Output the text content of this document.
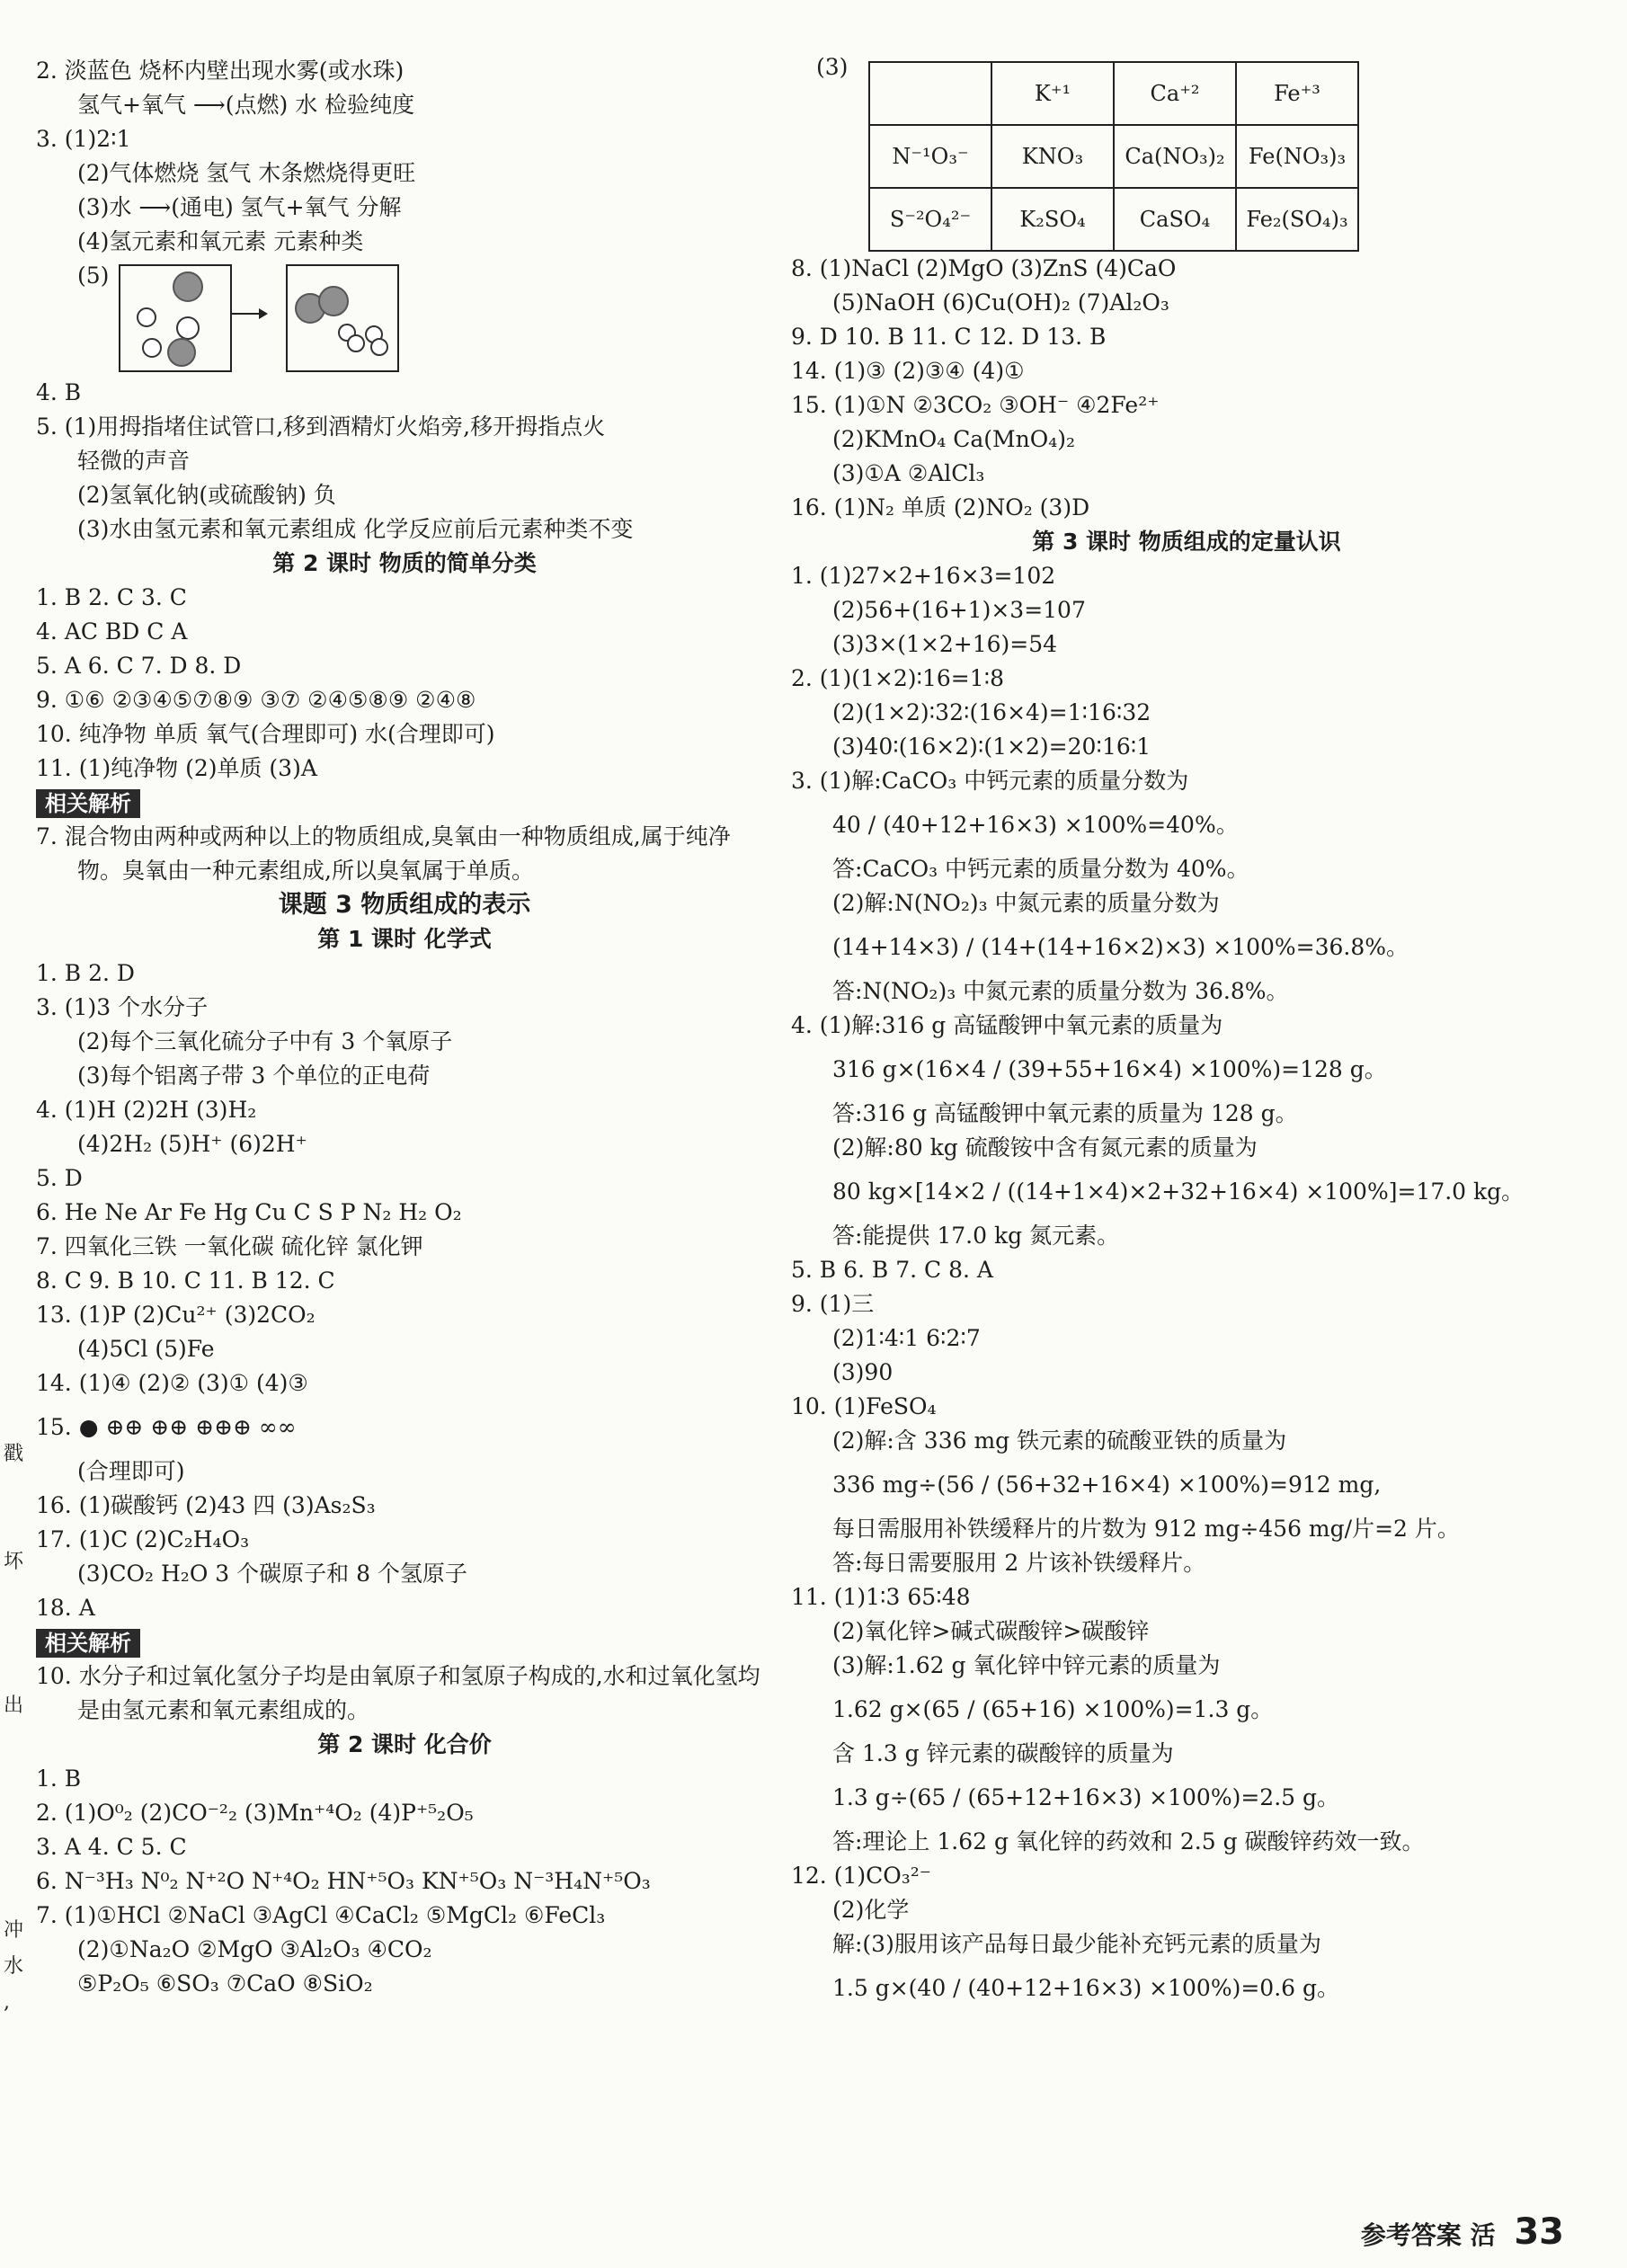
2. 淡蓝色 烧杯内壁出现水雾(或水珠)
氢气+氧气 ⟶(点燃) 水 检验纯度
3. (1)2∶1
(2)气体燃烧 氢气 木条燃烧得更旺
(3)水 ⟶(通电) 氢气+氧气 分解
(4)氢元素和氧元素 元素种类
(5)
4. B
5. (1)用拇指堵住试管口,移到酒精灯火焰旁,移开拇指点火
轻微的声音
(2)氢氧化钠(或硫酸钠) 负
(3)水由氢元素和氧元素组成 化学反应前后元素种类不变
第 2 课时 物质的简单分类
1. B 2. C 3. C
4. AC BD C A
5. A 6. C 7. D 8. D
9. ①⑥ ②③④⑤⑦⑧⑨ ③⑦ ②④⑤⑧⑨ ②④⑧
10. 纯净物 单质 氧气(合理即可) 水(合理即可)
11. (1)纯净物 (2)单质 (3)A
相关解析
7. 混合物由两种或两种以上的物质组成,臭氧由一种物质组成,属于纯净物。臭氧由一种元素组成,所以臭氧属于单质。
课题 3 物质组成的表示
第 1 课时 化学式
1. B 2. D
3. (1)3 个水分子
(2)每个三氧化硫分子中有 3 个氧原子
(3)每个铝离子带 3 个单位的正电荷
4. (1)H (2)2H (3)H₂
(4)2H₂ (5)H⁺ (6)2H⁺
5. D
6. He Ne Ar Fe Hg Cu C S P N₂ H₂ O₂
7. 四氧化三铁 一氧化碳 硫化锌 氯化钾
8. C 9. B 10. C 11. B 12. C
13. (1)P (2)Cu²⁺ (3)2CO₂
(4)5Cl (5)Fe
14. (1)④ (2)② (3)① (4)③
15. ● ⊕⊕ ⊕⊕ ⊕⊕⊕ ∞∞
(合理即可)
16. (1)碳酸钙 (2)43 四 (3)As₂S₃
17. (1)C (2)C₂H₄O₃
(3)CO₂ H₂O 3 个碳原子和 8 个氢原子
18. A
相关解析
10. 水分子和过氧化氢分子均是由氧原子和氢原子构成的,水和过氧化氢均是由氢元素和氧元素组成的。
第 2 课时 化合价
1. B
2. (1)O⁰₂ (2)CO⁻²₂ (3)Mn⁺⁴O₂ (4)P⁺⁵₂O₅
3. A 4. C 5. C
6. N⁻³H₃ N⁰₂ N⁺²O N⁺⁴O₂ HN⁺⁵O₃ KN⁺⁵O₃ N⁻³H₄N⁺⁵O₃
7. (1)①HCl ②NaCl ③AgCl ④CaCl₂ ⑤MgCl₂ ⑥FeCl₃
(2)①Na₂O ②MgO ③Al₂O₃ ④CO₂
⑤P₂O₅ ⑥SO₃ ⑦CaO ⑧SiO₂
(3)
	K⁺¹	Ca⁺²	Fe⁺³
N⁻¹O₃⁻	KNO₃	Ca(NO₃)₂	Fe(NO₃)₃
S⁻²O₄²⁻	K₂SO₄	CaSO₄	Fe₂(SO₄)₃
8. (1)NaCl (2)MgO (3)ZnS (4)CaO
(5)NaOH (6)Cu(OH)₂ (7)Al₂O₃
9. D 10. B 11. C 12. D 13. B
14. (1)③ (2)③④ (4)①
15. (1)①N ②3CO₂ ③OH⁻ ④2Fe²⁺
(2)KMnO₄ Ca(MnO₄)₂
(3)①A ②AlCl₃
16. (1)N₂ 单质 (2)NO₂ (3)D
第 3 课时 物质组成的定量认识
1. (1)27×2+16×3=102
(2)56+(16+1)×3=107
(3)3×(1×2+16)=54
2. (1)(1×2)∶16=1∶8
(2)(1×2)∶32∶(16×4)=1∶16∶32
(3)40∶(16×2)∶(1×2)=20∶16∶1
3. (1)解:CaCO₃ 中钙元素的质量分数为
40 / (40+12+16×3) ×100%=40%。
答:CaCO₃ 中钙元素的质量分数为 40%。
(2)解:N(NO₂)₃ 中氮元素的质量分数为
(14+14×3) / (14+(14+16×2)×3) ×100%=36.8%。
答:N(NO₂)₃ 中氮元素的质量分数为 36.8%。
4. (1)解:316 g 高锰酸钾中氧元素的质量为
316 g×(16×4 / (39+55+16×4) ×100%)=128 g。
答:316 g 高锰酸钾中氧元素的质量为 128 g。
(2)解:80 kg 硫酸铵中含有氮元素的质量为
80 kg×[14×2 / ((14+1×4)×2+32+16×4) ×100%]=17.0 kg。
答:能提供 17.0 kg 氮元素。
5. B 6. B 7. C 8. A
9. (1)三
(2)1∶4∶1 6∶2∶7
(3)90
10. (1)FeSO₄
(2)解:含 336 mg 铁元素的硫酸亚铁的质量为
336 mg÷(56 / (56+32+16×4) ×100%)=912 mg,
每日需服用补铁缓释片的片数为 912 mg÷456 mg/片=2 片。
答:每日需要服用 2 片该补铁缓释片。
11. (1)1∶3 65∶48
(2)氧化锌>碱式碳酸锌>碳酸锌
(3)解:1.62 g 氧化锌中锌元素的质量为
1.62 g×(65 / (65+16) ×100%)=1.3 g。
含 1.3 g 锌元素的碳酸锌的质量为
1.3 g÷(65 / (65+12+16×3) ×100%)=2.5 g。
答:理论上 1.62 g 氧化锌的药效和 2.5 g 碳酸锌药效一致。
12. (1)CO₃²⁻
(2)化学
解:(3)服用该产品每日最少能补充钙元素的质量为
1.5 g×(40 / (40+12+16×3) ×100%)=0.6 g。
戳
坏
出
冲
水
,
参考答案 活 33
